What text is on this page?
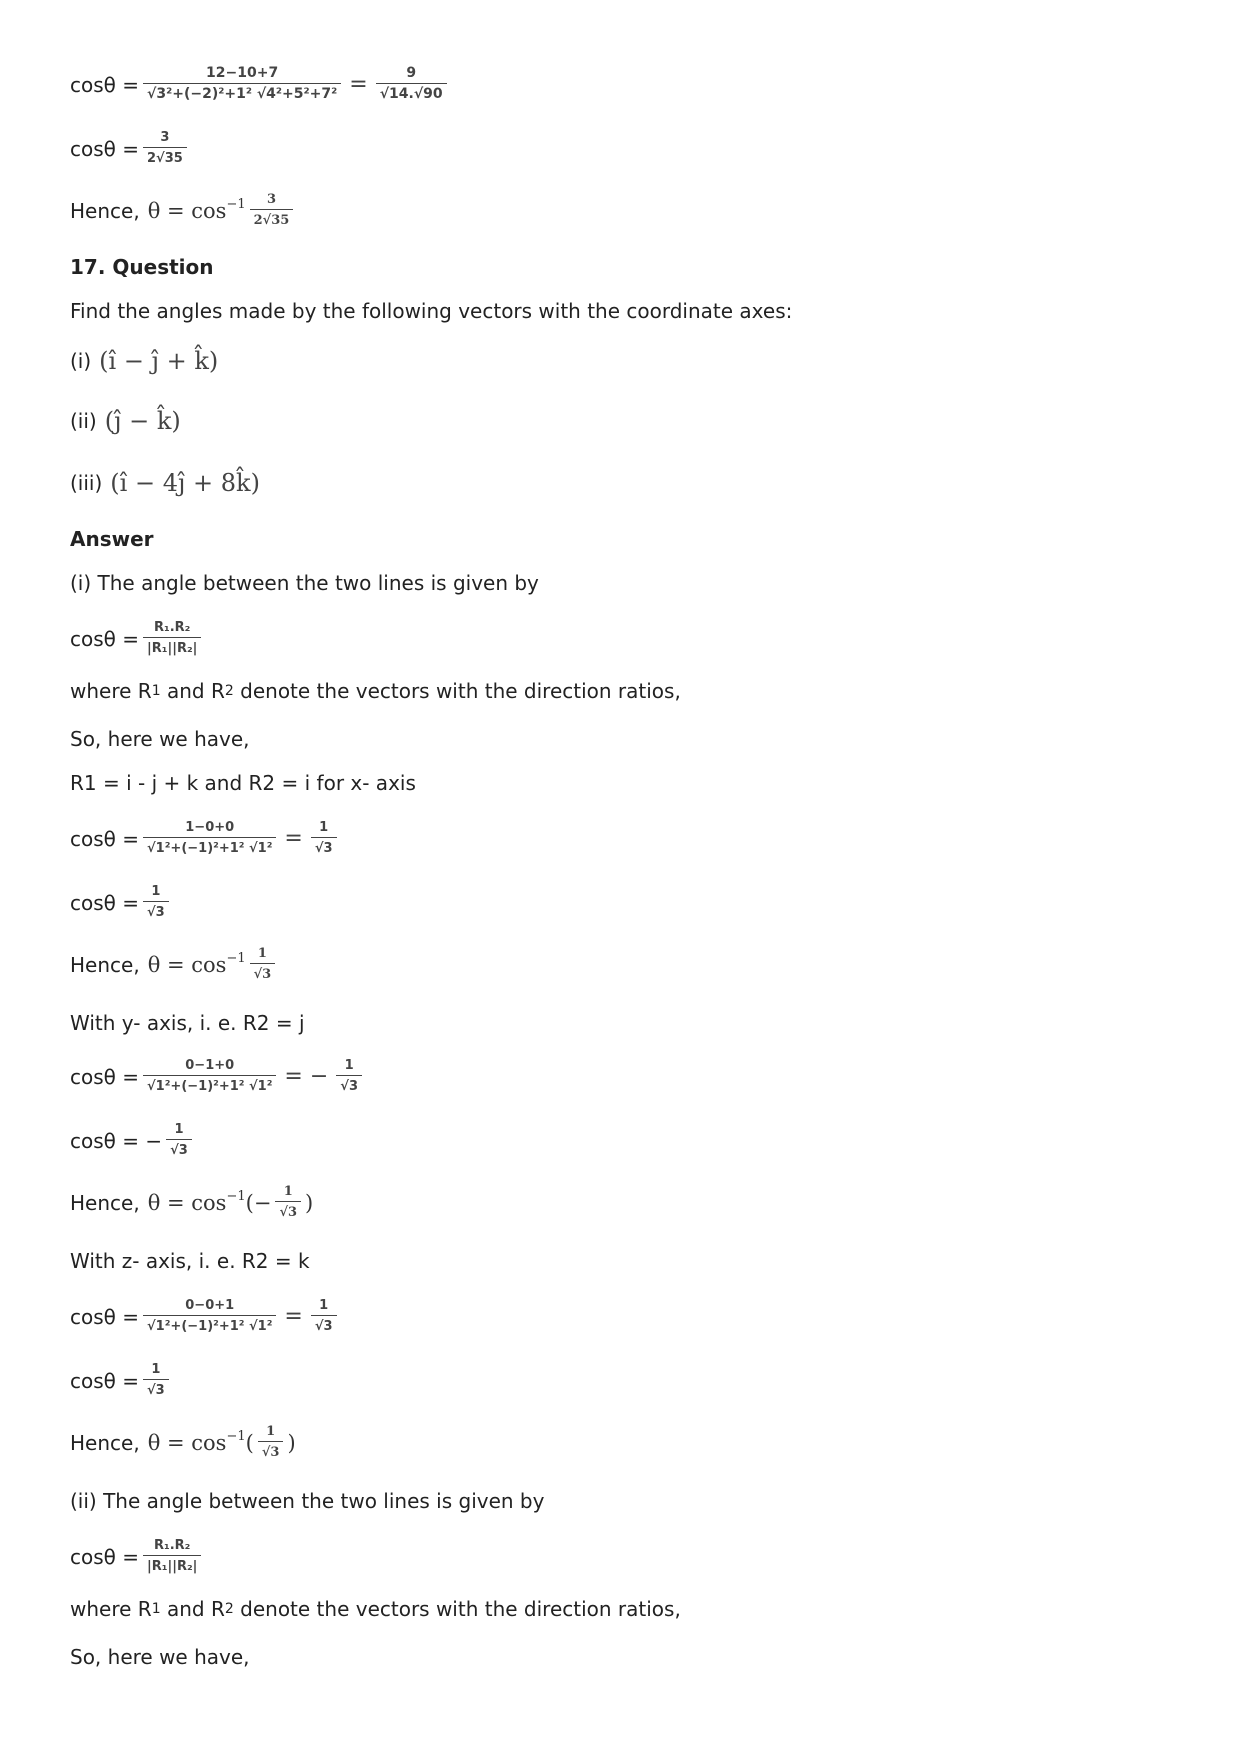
$\cos\theta = \frac{12-10+7}{\text{√3²+(−2)²+1² √4²+5²+7²}} = \frac{9}{√14.√90}$
$\cos\theta = \frac{3}{2√35}$
Hence, $\theta = \cos -1 \frac{3}{2√35}$
17. Question
Find the angles made by the following vectors with the coordinate axes:
(i) (î − ĵ + k̂)
(ii) (ĵ − k̂)
(iii) (î − 4ĵ + 8k̂)
Answer
(i) The angle between the two lines is given by
$\cos\theta = \frac{\text{R₁.R₂}}{\text{|R₁||R₂|}}$
where R 1 and R 2 denote the vectors with the direction ratios,
So, here we have,
R1 = i - j + k and R2 = i for x- axis
$\cos\theta = \frac{1-0+0}{\text{√1²+(−1)²+1² √1²}} = \frac{1}{√3}$
$\cos\theta = \frac{1}{√3}$
Hence, $\theta = \cos -1 \frac{1}{√3}$
With y- axis, i. e. R2 = j
$\cos\theta = \frac{0-1+0}{\text{√1²+(−1)²+1² √1²}}$ = − $\frac{1}{√3}$
cosθ = − $\frac{1}{√3}$
Hence, θ = cos −1 (− $\frac{1}{√3}$ )
With z- axis, i. e. R2 = k
$\cos\theta = \frac{0-0+1}{\text{√1²+(−1)²+1² √1²}} = \frac{1}{√3}$
$\cos\theta = \frac{1}{√3}$
Hence, θ = cos −1 ( $\frac{1}{√3}$ )
(ii) The angle between the two lines is given by
$\cos\theta = \frac{\text{R₁.R₂}}{\text{|R₁||R₂|}}$
where R 1 and R 2 denote the vectors with the direction ratios,
So, here we have,
